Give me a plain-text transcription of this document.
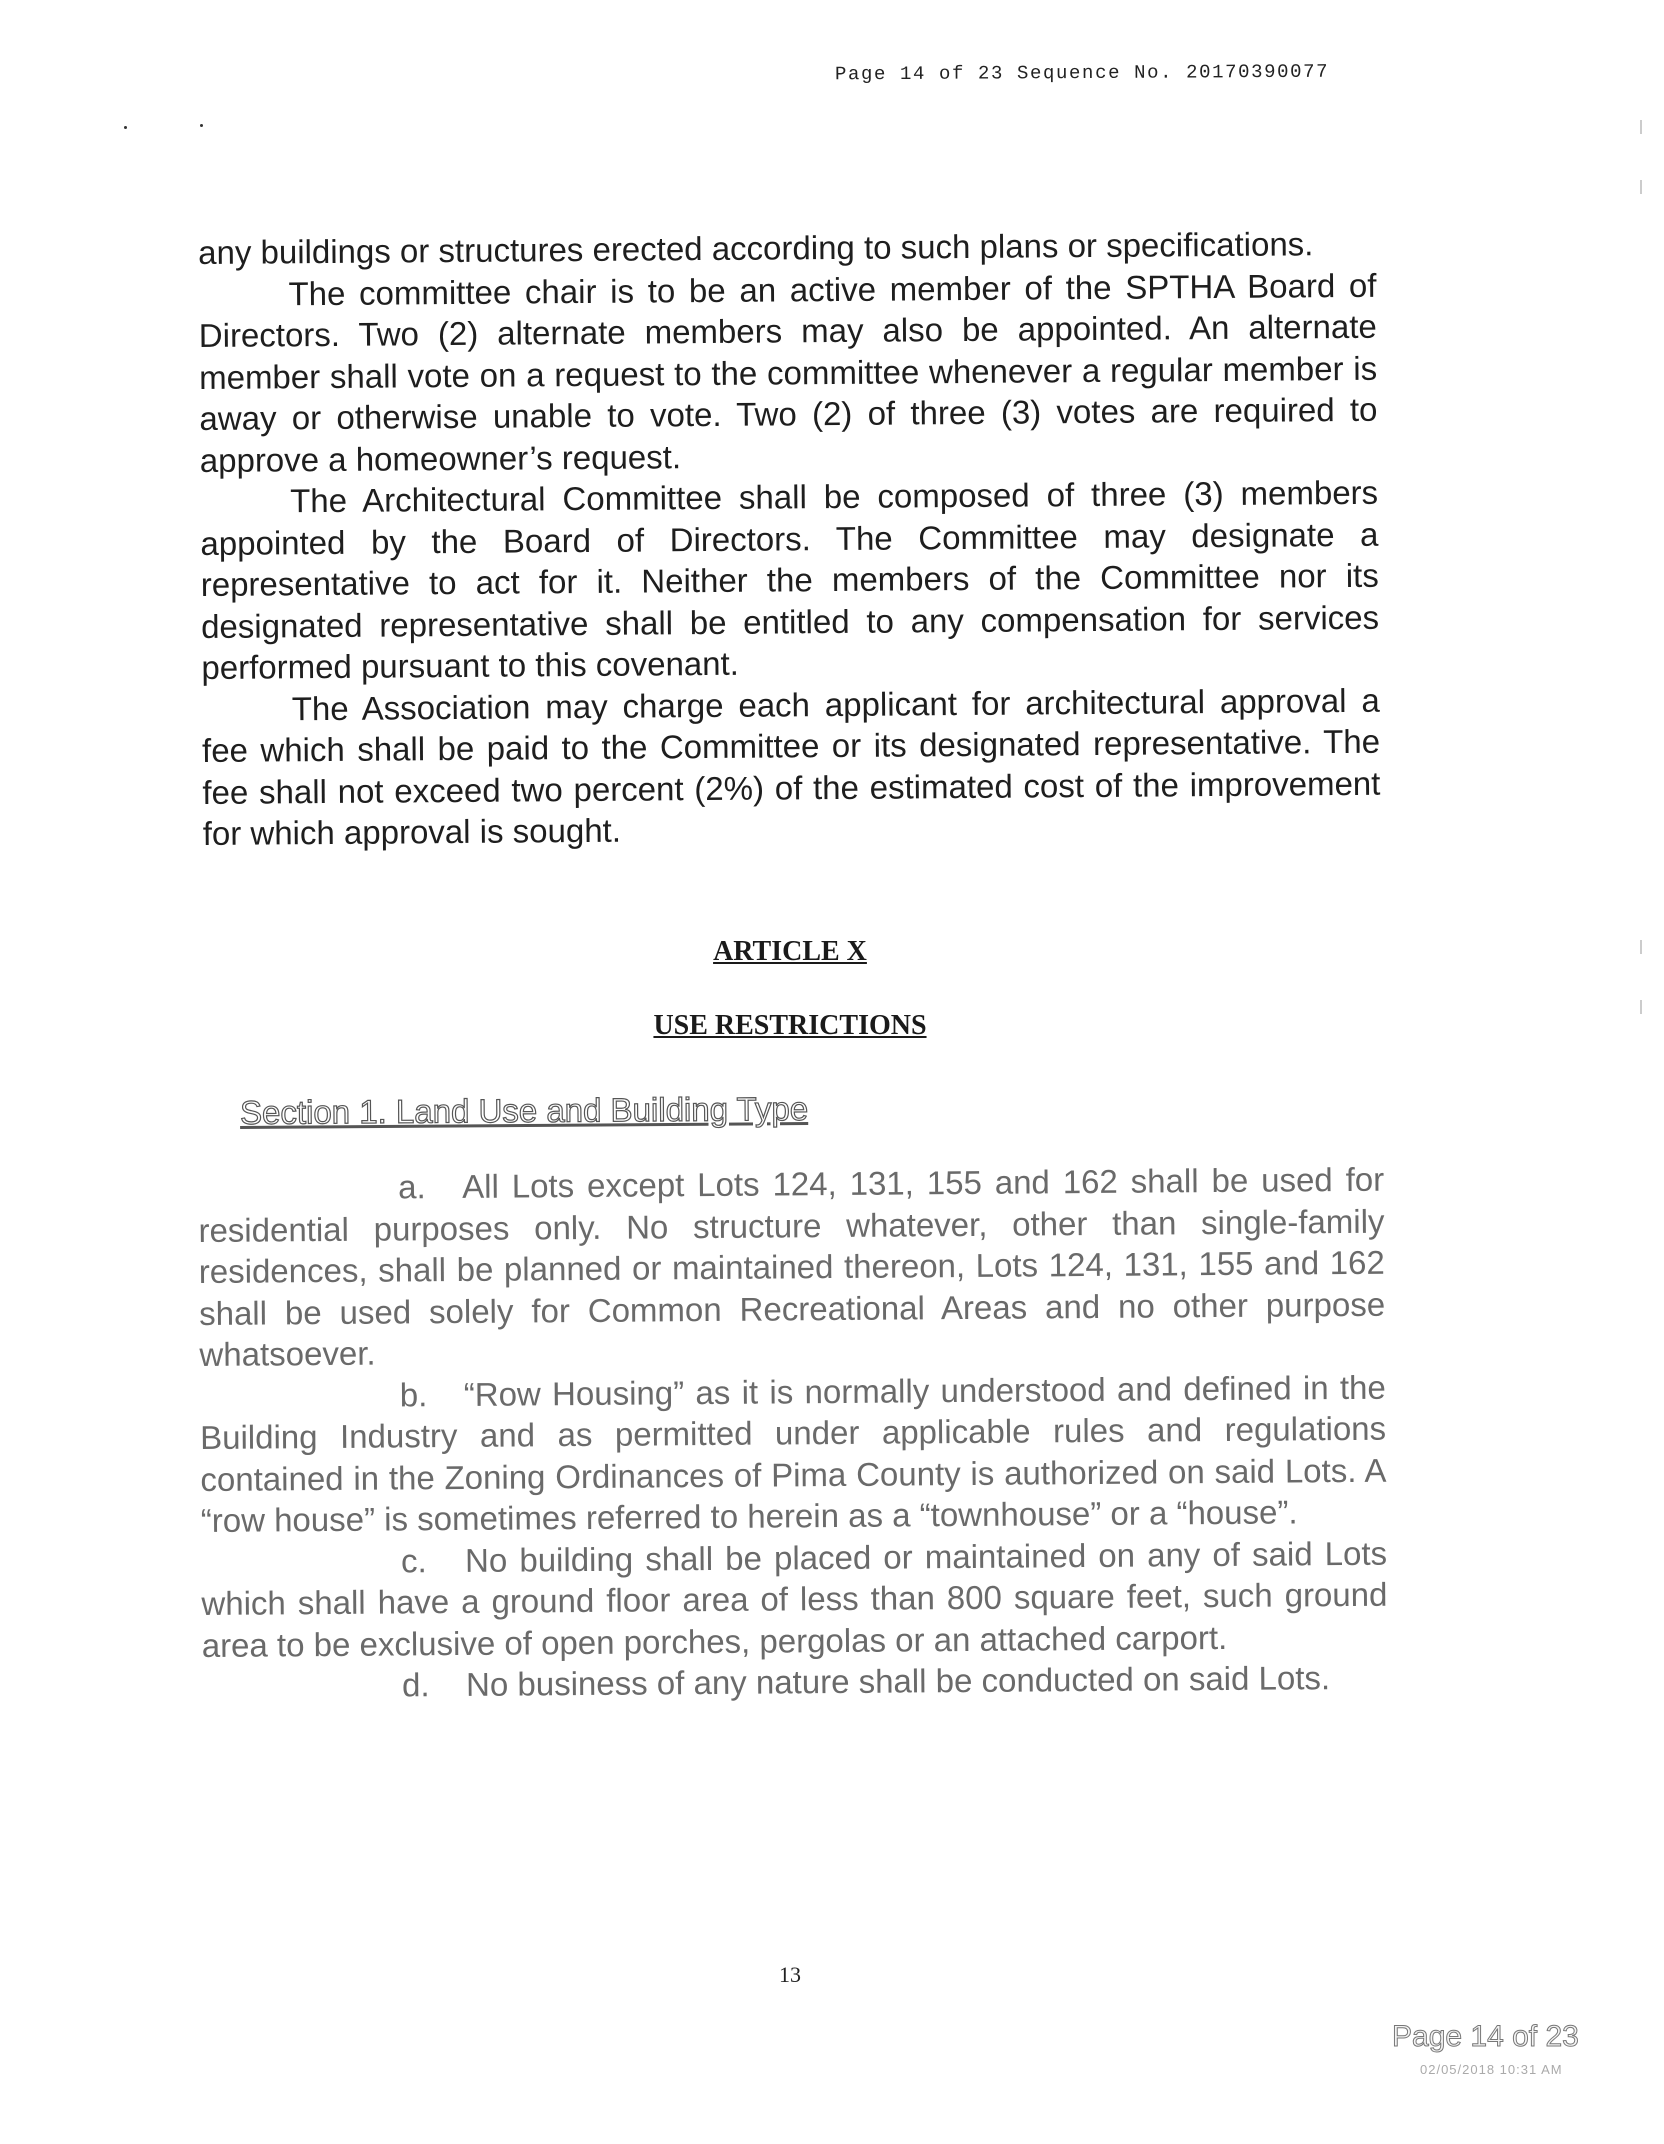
Page 14 of 23 Sequence No. 20170390077

any buildings or structures erected according to such plans or specifications.

The committee chair is to be an active member of the SPTHA Board of Directors. Two (2) alternate members may also be appointed. An alternate member shall vote on a request to the committee whenever a regular member is away or otherwise unable to vote. Two (2) of three (3) votes are required to approve a homeowner’s request.

The Architectural Committee shall be composed of three (3) members appointed by the Board of Directors. The Committee may designate a representative to act for it. Neither the members of the Committee nor its designated representative shall be entitled to any compensation for services performed pursuant to this covenant.

The Association may charge each applicant for architectural approval a fee which shall be paid to the Committee or its designated representative. The fee shall not exceed two percent (2%) of the estimated cost of the improvement for which approval is sought.

ARTICLE X
USE RESTRICTIONS
Section 1. Land Use and Building Type

a. All Lots except Lots 124, 131, 155 and 162 shall be used for residential purposes only. No structure whatever, other than single-family residences, shall be planned or maintained thereon, Lots 124, 131, 155 and 162 shall be used solely for Common Recreational Areas and no other purpose whatsoever.

b. “Row Housing” as it is normally understood and defined in the Building Industry and as permitted under applicable rules and regulations contained in the Zoning Ordinances of Pima County is authorized on said Lots. A “row house” is sometimes referred to herein as a “townhouse” or a “house”.

c. No building shall be placed or maintained on any of said Lots which shall have a ground floor area of less than 800 square feet, such ground area to be exclusive of open porches, pergolas or an attached carport.

d. No business of any nature shall be conducted on said Lots.

13
Page 14 of 23
02/05/2018 10:31 AM
